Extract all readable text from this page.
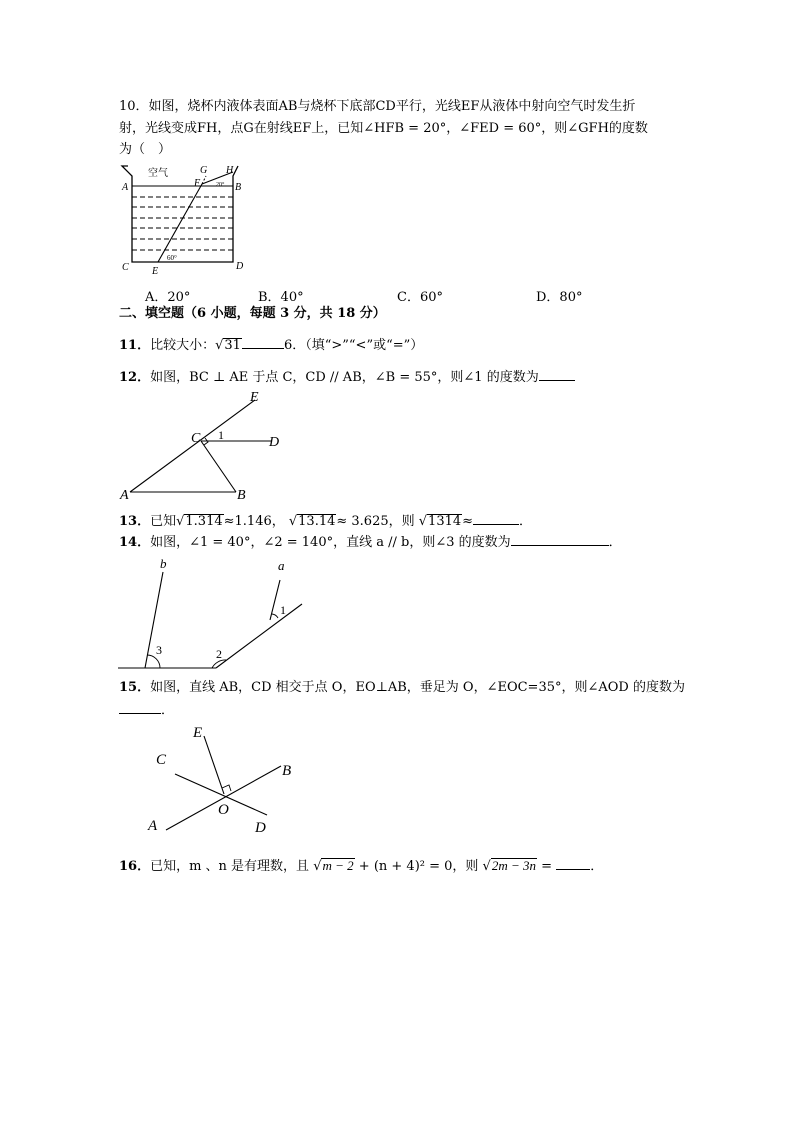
10．如图，烧杯内液体表面AB与烧杯下底部CD平行，光线EF从液体中射向空气时发生折
射，光线变成FH，点G在射线EF上，已知∠HFB = 20°，∠FED = 60°，则∠GFH的度数
为（　）
空气
A	B
C	D
E
F
G H
20°
60°
A．20°	B．40°	C．60°	D．80°
二、填空题（6 小题，每题 3 分，共 18 分）
11．比较大小：√31	6．（填“>”“<”或“=”）
12．如图，BC ⊥ AE 于点 C，CD // AB，∠B = 55°，则∠1 的度数为
E
D
C 1
A	B
13．已知√1.314≈1.146， √13.14≈ 3.625，则 √1314≈	．
14．如图，∠1 = 40°，∠2 = 140°，直线 a // b，则∠3 的度数为	．
b	a
1
2
3
15．如图，直线 AB，CD 相交于点 O，EO⊥AB，垂足为 O，∠EOC=35°，则∠AOD 的度数为
．
E
C
B
O
A	D
16．已知，m 、n 是有理数，且 √m − 2 + (n + 4)² = 0，则 √2m − 3n =	．
